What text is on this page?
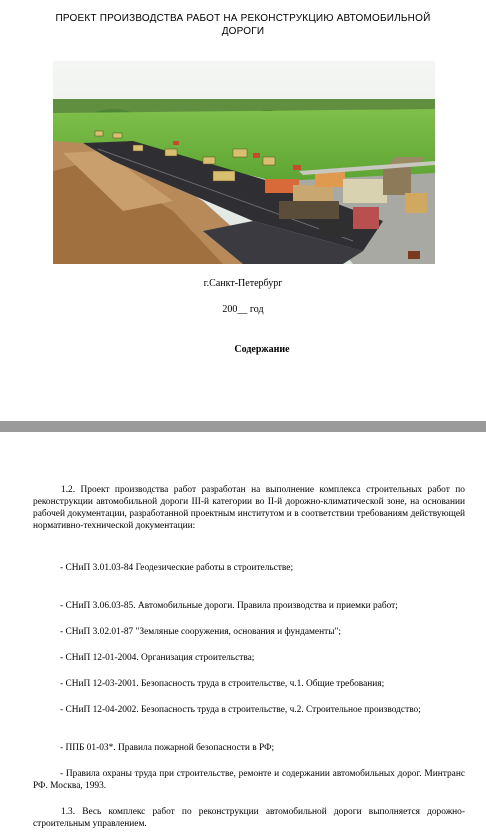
ПРОЕКТ ПРОИЗВОДСТВА РАБОТ НА РЕКОНСТРУКЦИЮ АВТОМОБИЛЬНОЙ
ДОРОГИ
г.Санкт-Петербург
200__ год
Содержание
1.2. Проект производства работ разработан на выполнение комплекса строительных работ по реконструкции автомобильной дороги III-й категории во II-й дорожно-климатической зоне, на основании рабочей документации, разработанной проектным институтом и в соответствии требованиям действующей нормативно-технической документации:
- СНиП 3.01.03-84 Геодезические работы в строительстве;
- СНиП 3.06.03-85. Автомобильные дороги. Правила производства и приемки работ;
- СНиП 3.02.01-87 "Земляные сооружения, основания и фундаменты";
- СНиП 12-01-2004. Организация строительства;
- СНиП 12-03-2001. Безопасность труда в строительстве, ч.1. Общие требования;
- СНиП 12-04-2002. Безопасность труда в строительстве, ч.2. Строительное производство;
- ППБ 01-03*. Правила пожарной безопасности в РФ;
- Правила охраны труда при строительстве, ремонте и содержании автомобильных дорог. Минтранс РФ. Москва, 1993.
1.3. Весь комплекс работ по реконструкции автомобильной дороги выполняется дорожно-строительным управлением.
